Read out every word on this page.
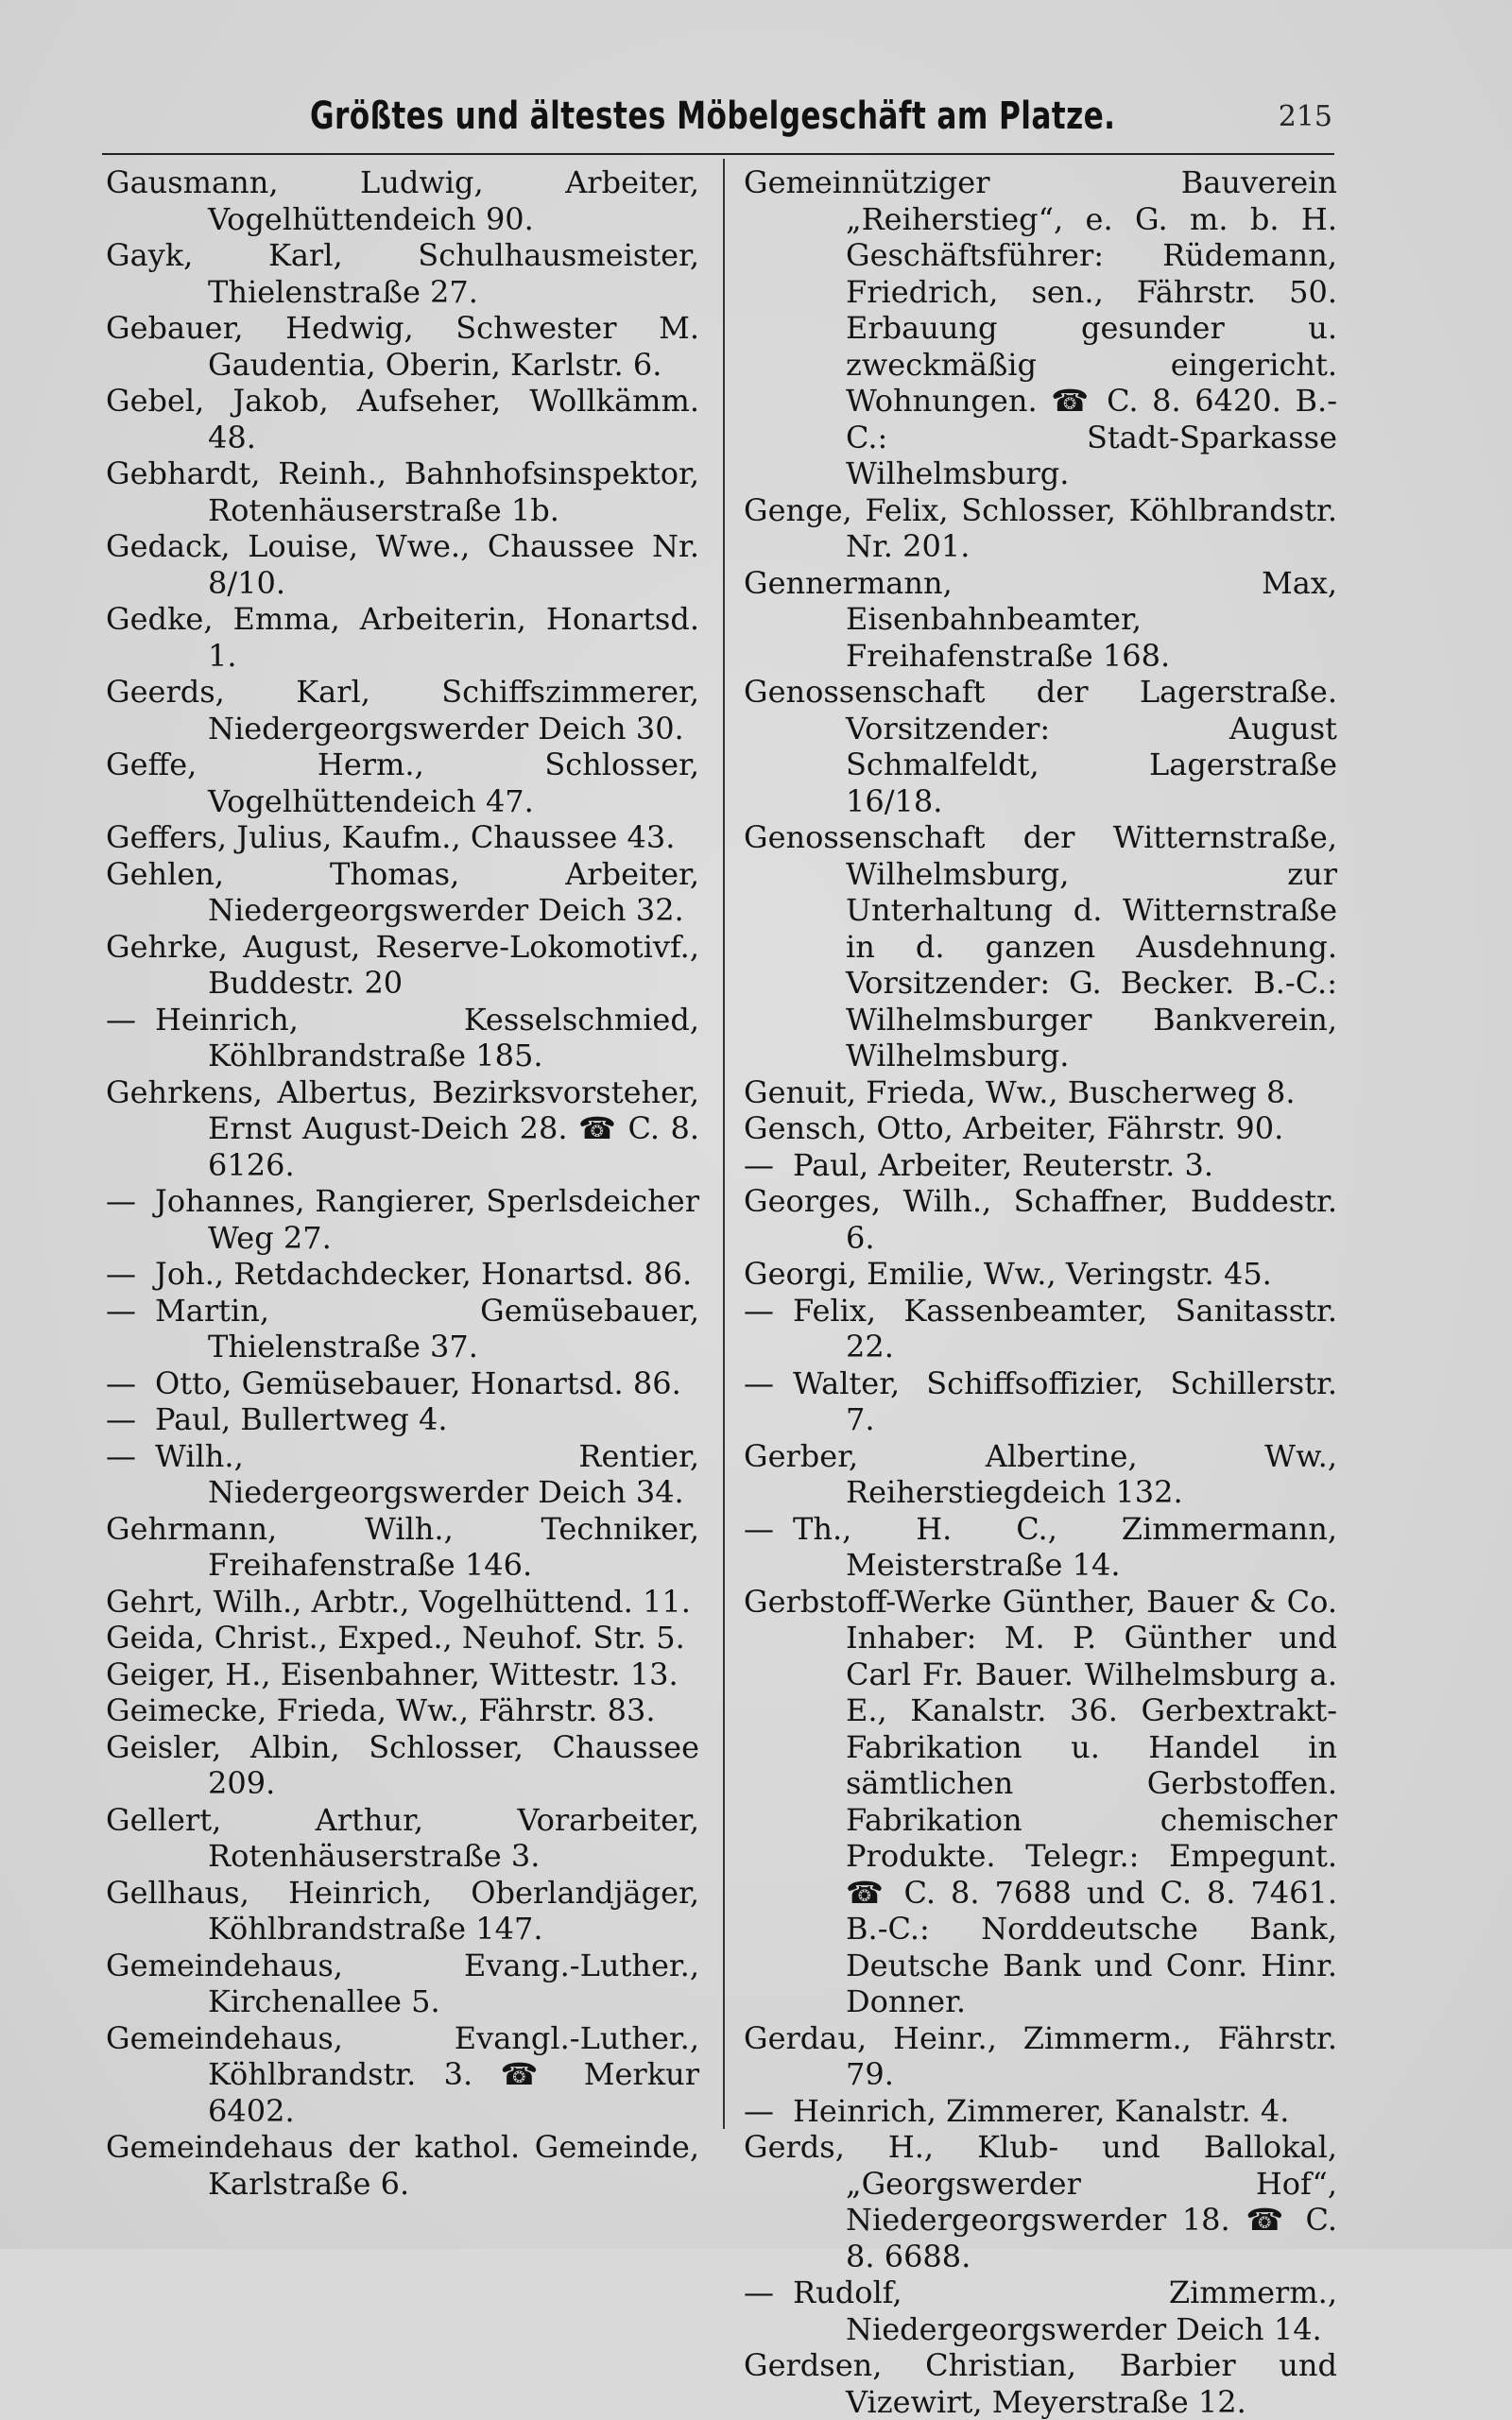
Größtes und ältestes Möbelgeschäft am Platze.	215

Gausmann, Ludwig, Arbeiter, Vogelhüttendeich 90.

Gayk, Karl, Schulhausmeister, Thielenstraße 27.

Gebauer, Hedwig, Schwester M. Gaudentia, Oberin, Karlstr. 6.

Gebel, Jakob, Aufseher, Wollkämm. 48.

Gebhardt, Reinh., Bahnhofsinspektor, Rotenhäuserstraße 1b.

Gedack, Louise, Wwe., Chaussee Nr. 8/10.

Gedke, Emma, Arbeiterin, Honartsd. 1.

Geerds, Karl, Schiffszimmerer, Niedergeorgswerder Deich 30.

Geffe, Herm., Schlosser, Vogelhüttendeich 47.

Geffers, Julius, Kaufm., Chaussee 43.

Gehlen, Thomas, Arbeiter, Niedergeorgswerder Deich 32.

Gehrke, August, Reserve-Lokomotivf., Buddestr. 20

— Heinrich, Kesselschmied, Köhlbrandstraße 185.

Gehrkens, Albertus, Bezirksvorsteher, Ernst August-Deich 28. ☎ C. 8. 6126.

— Johannes, Rangierer, Sperlsdeicher Weg 27.

— Joh., Retdachdecker, Honartsd. 86.

— Martin, Gemüsebauer, Thielenstraße 37.

— Otto, Gemüsebauer, Honartsd. 86.

— Paul, Bullertweg 4.

— Wilh., Rentier, Niedergeorgswerder Deich 34.

Gehrmann, Wilh., Techniker, Freihafenstraße 146.

Gehrt, Wilh., Arbtr., Vogelhüttend. 11.

Geida, Christ., Exped., Neuhof. Str. 5.

Geiger, H., Eisenbahner, Wittestr. 13.

Geimecke, Frieda, Ww., Fährstr. 83.

Geisler, Albin, Schlosser, Chaussee 209.

Gellert, Arthur, Vorarbeiter, Rotenhäuserstraße 3.

Gellhaus, Heinrich, Oberlandjäger, Köhlbrandstraße 147.

Gemeindehaus, Evang.-Luther., Kirchenallee 5.

Gemeindehaus, Evangl.-Luther., Köhlbrandstr. 3. ☎ Merkur 6402.

Gemeindehaus der kathol. Gemeinde, Karlstraße 6.

Gemeinnütziger Bauverein „Reiherstieg“, e. G. m. b. H. Geschäftsführer: Rüdemann, Friedrich, sen., Fährstr. 50. Erbauung gesunder u. zweckmäßig eingericht. Wohnungen. ☎ C. 8. 6420. B.-C.: Stadt-Sparkasse Wilhelmsburg.

Genge, Felix, Schlosser, Köhlbrandstr. Nr. 201.

Gennermann, Max, Eisenbahnbeamter, Freihafenstraße 168.

Genossenschaft der Lagerstraße. Vorsitzender: August Schmalfeldt, Lagerstraße 16/18.

Genossenschaft der Witternstraße, Wilhelmsburg, zur Unterhaltung d. Witternstraße in d. ganzen Ausdehnung. Vorsitzender: G. Becker. B.-C.: Wilhelmsburger Bankverein, Wilhelmsburg.

Genuit, Frieda, Ww., Buscherweg 8.

Gensch, Otto, Arbeiter, Fährstr. 90.

— Paul, Arbeiter, Reuterstr. 3.

Georges, Wilh., Schaffner, Buddestr. 6.

Georgi, Emilie, Ww., Veringstr. 45.

— Felix, Kassenbeamter, Sanitasstr. 22.

— Walter, Schiffsoffizier, Schillerstr. 7.

Gerber, Albertine, Ww., Reiherstiegdeich 132.

— Th., H. C., Zimmermann, Meisterstraße 14.

Gerbstoff-Werke Günther, Bauer & Co. Inhaber: M. P. Günther und Carl Fr. Bauer. Wilhelmsburg a. E., Kanalstr. 36. Gerbextrakt-Fabrikation u. Handel in sämtlichen Gerbstoffen. Fabrikation chemischer Produkte. Telegr.: Empegunt. ☎ C. 8. 7688 und C. 8. 7461. B.-C.: Norddeutsche Bank, Deutsche Bank und Conr. Hinr. Donner.

Gerdau, Heinr., Zimmerm., Fährstr. 79.

— Heinrich, Zimmerer, Kanalstr. 4.

Gerds, H., Klub- und Ballokal, „Georgswerder Hof“, Niedergeorgswerder 18. ☎ C. 8. 6688.

— Rudolf, Zimmerm., Niedergeorgswerder Deich 14.

Gerdsen, Christian, Barbier und Vizewirt, Meyerstraße 12.
